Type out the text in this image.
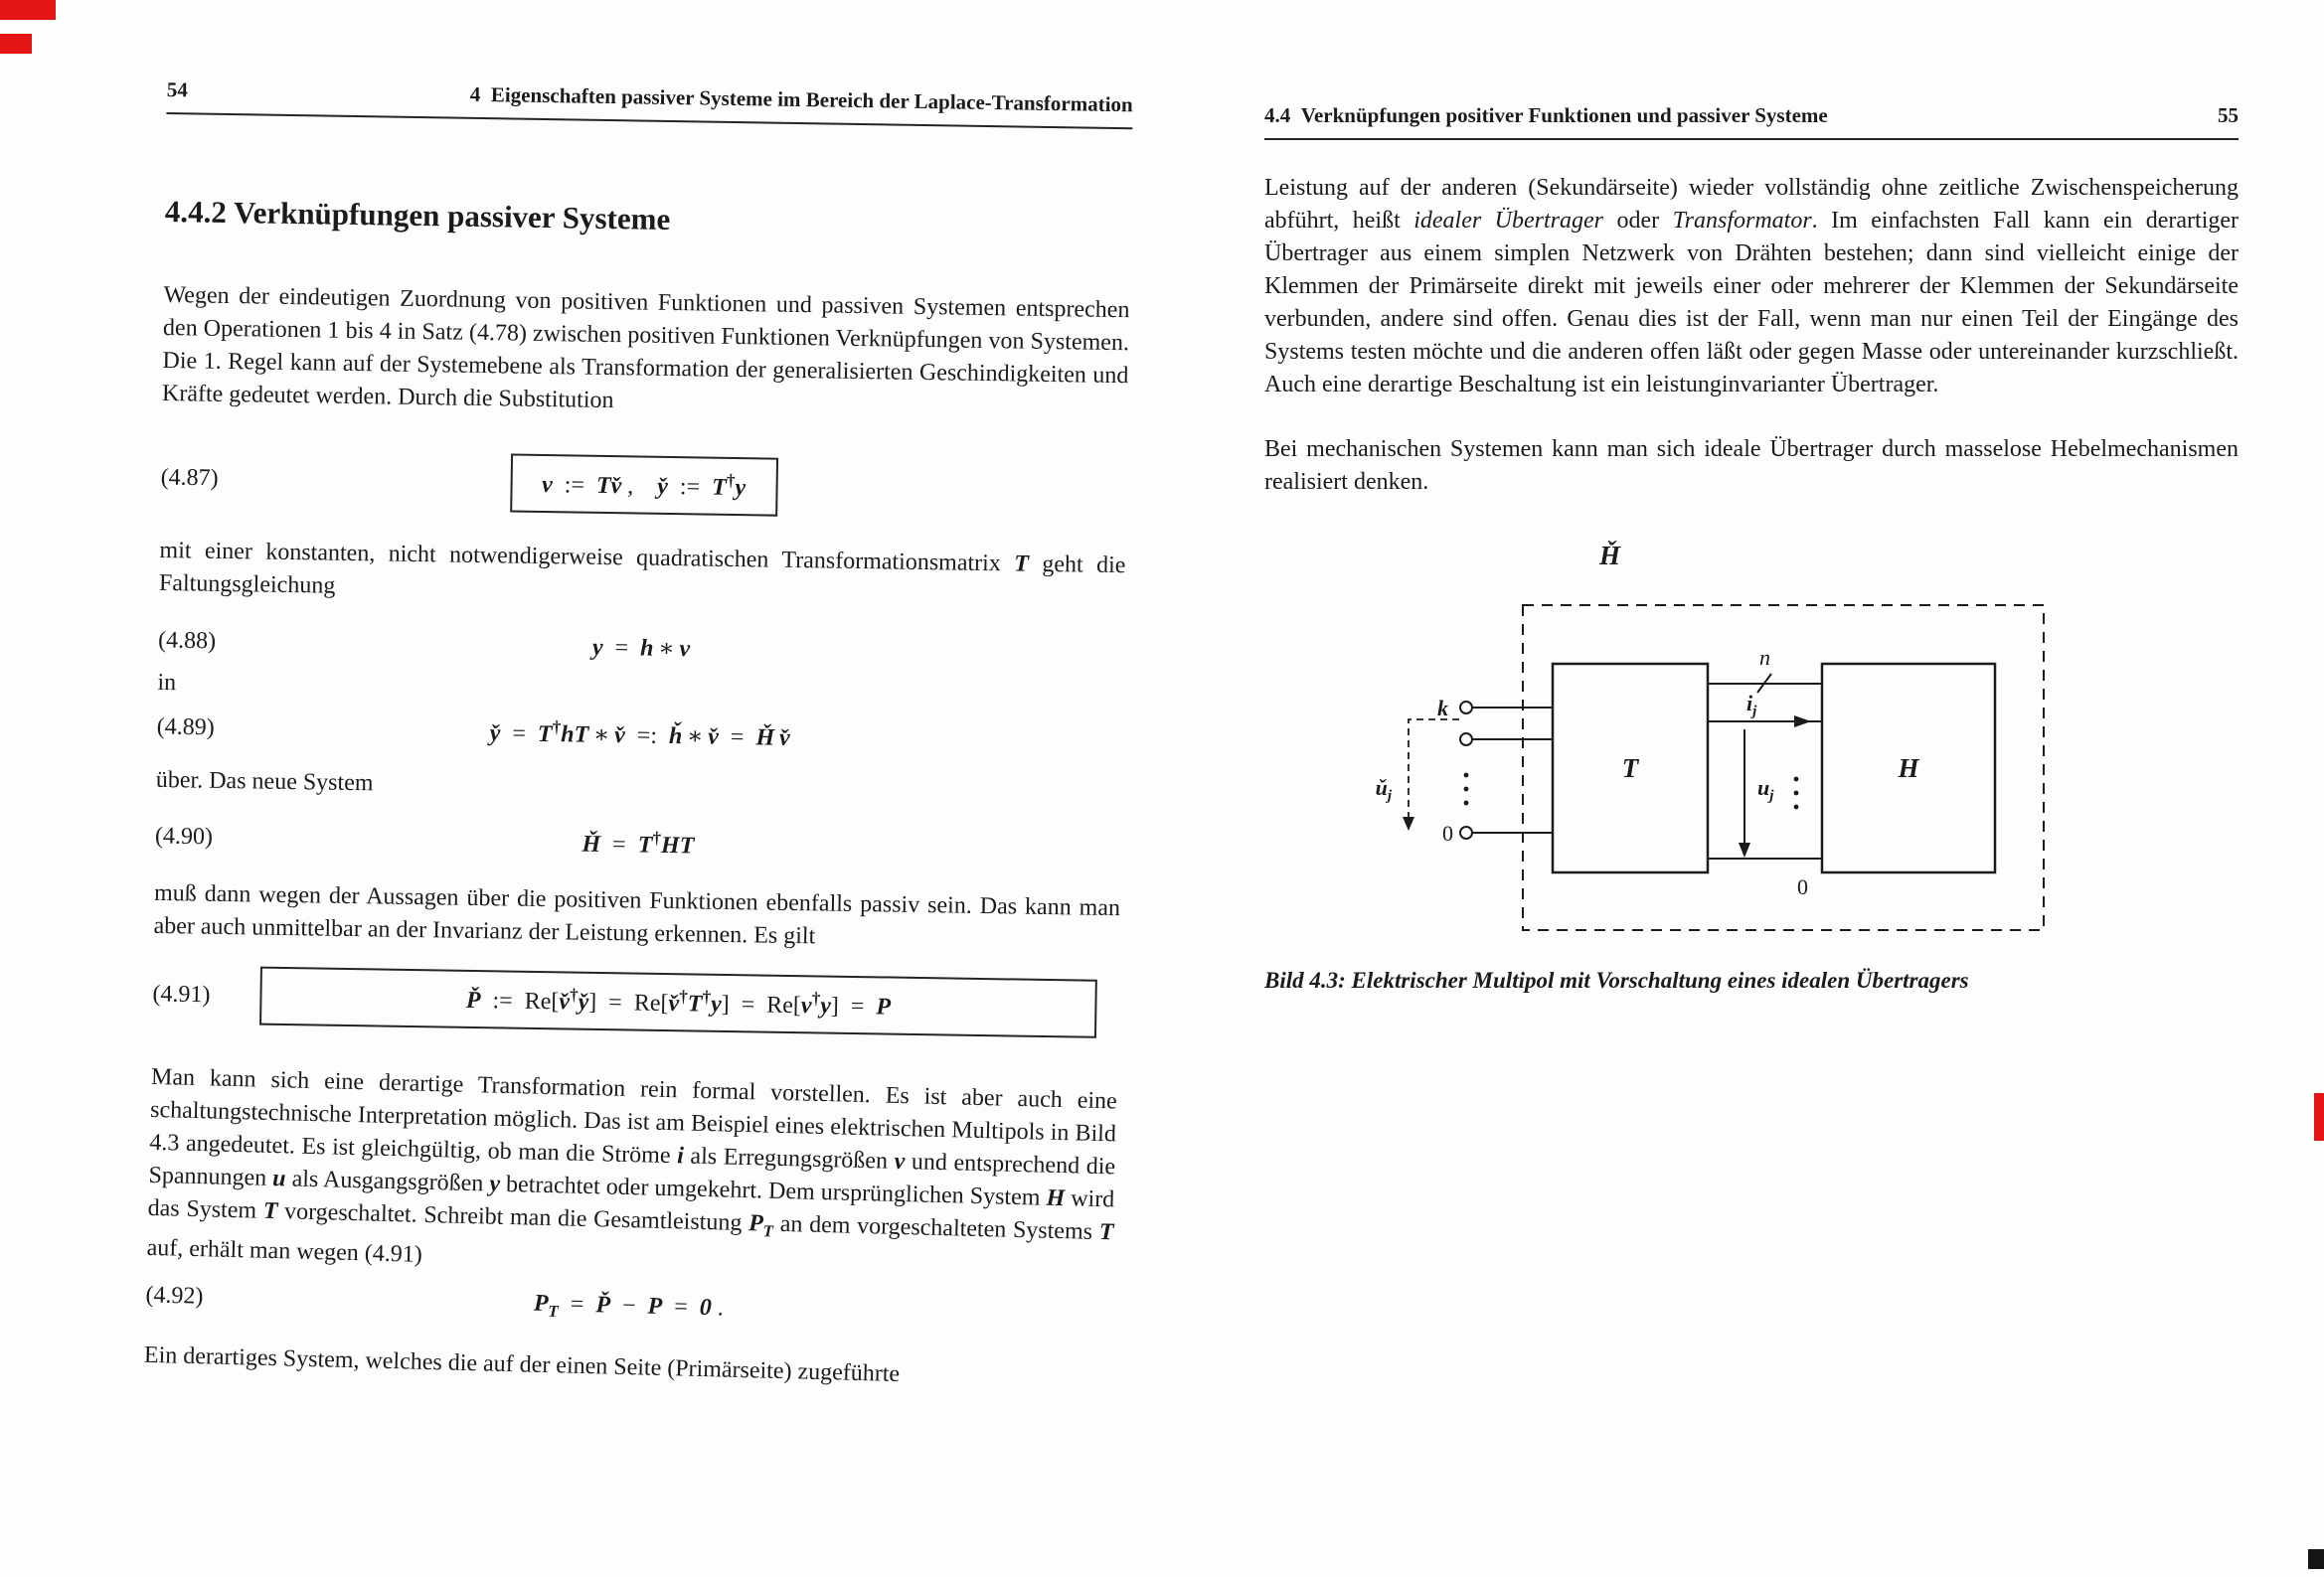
54	4 Eigenschaften passiver Systeme im Bereich der Laplace-Transformation
4.4.2 Verknüpfungen passiver Systeme

Wegen der eindeutigen Zuordnung von positiven Funktionen und passiven Systemen entsprechen den Operationen 1 bis 4 in Satz (4.78) zwischen positiven Funktionen Verknüpfungen von Systemen. Die 1. Regel kann auf der Systemebene als Transformation der generalisierten Geschindigkeiten und Kräfte gedeutet werden. Durch die Substitution

(4.87)	v := Tv̌ , y̌ := T†y

mit einer konstanten, nicht notwendigerweise quadratischen Transformationsmatrix T geht die Faltungsgleichung

(4.88)	y = h ∗ v

in

(4.89)	y̌ = T†hT ∗ v̌ =: ȟ ∗ v̌ = Ȟ v̌

über. Das neue System

(4.90)	Ȟ = T†HT

muß dann wegen der Aussagen über die positiven Funktionen ebenfalls passiv sein. Das kann man aber auch unmittelbar an der Invarianz der Leistung erkennen. Es gilt

(4.91)	P̌ := Re[v̌†y̌] = Re[v̌†T†y] = Re[v†y] = P

Man kann sich eine derartige Transformation rein formal vorstellen. Es ist aber auch eine schaltungstechnische Interpretation möglich. Das ist am Beispiel eines elektrischen Multipols in Bild 4.3 angedeutet. Es ist gleichgültig, ob man die Ströme i als Erregungsgrößen v und entsprechend die Spannungen u als Ausgangsgrößen y betrachtet oder umgekehrt. Dem ursprünglichen System H wird das System T vorgeschaltet. Schreibt man die Gesamtleistung $P_T$ an dem vorgeschalteten Systems T auf, erhält man wegen (4.91)

(4.92)	$P_T$ = P̌ − P = 0 .

Ein derartiges System, welches die auf der einen Seite (Primärseite) zugeführte

4.4 Verknüpfungen positiver Funktionen und passiver Systeme	55

Leistung auf der anderen (Sekundärseite) wieder vollständig ohne zeitliche Zwischenspeicherung abführt, heißt idealer Übertrager oder Transformator. Im einfachsten Fall kann ein derartiger Übertrager aus einem simplen Netzwerk von Drähten bestehen; dann sind vielleicht einige der Klemmen der Primärseite direkt mit jeweils einer oder mehrerer der Klemmen der Sekundärseite verbunden, andere sind offen. Genau dies ist der Fall, wenn man nur einen Teil der Eingänge des Systems testen möchte und die anderen offen läßt oder gegen Masse oder untereinander kurzschließt. Auch eine derartige Beschaltung ist ein leistunginvarianter Übertrager.

Bei mechanischen Systemen kann man sich ideale Übertrager durch masselose Hebelmechanismen realisiert denken.

Ȟ
T	H
n
ij
uj
0
k
0
ǔj

Bild 4.3: Elektrischer Multipol mit Vorschaltung eines idealen Übertragers
